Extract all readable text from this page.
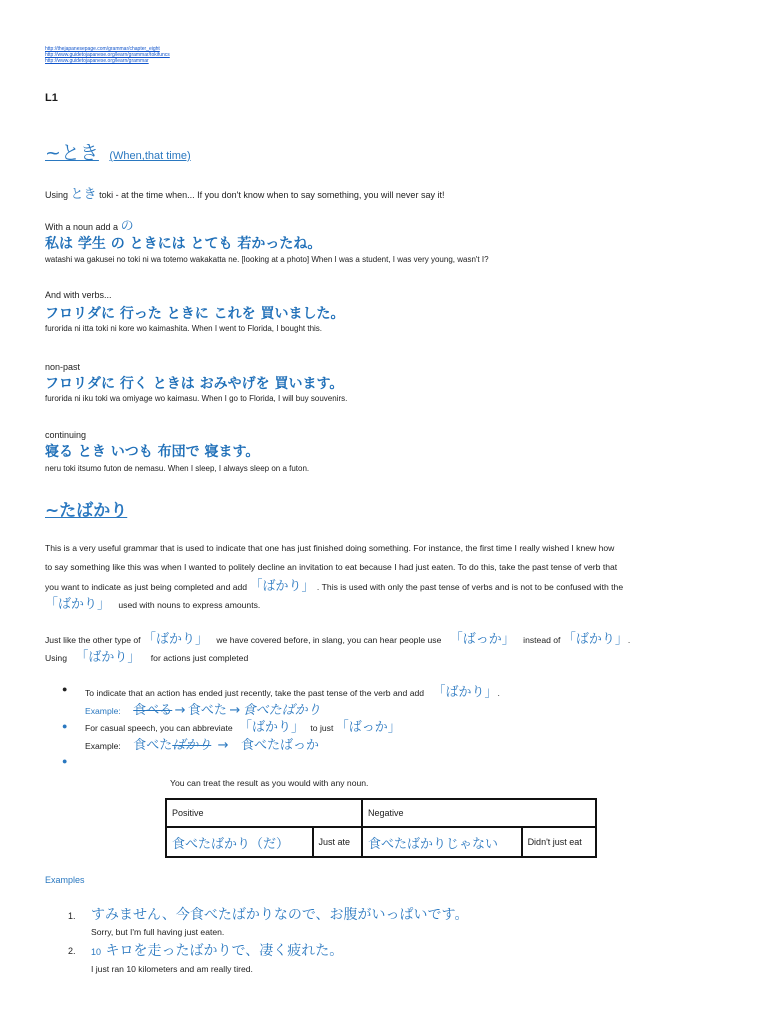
http://thejapanesepage.com/grammar/chapter_eight
http://www.guidetojapanese.org/learn/grammar/tokifuncs
http://www.guidetojapanese.org/learn/grammar
L1
~とき (When,that time)
Using とき toki - at the time when... If you don't know when to say something, you will never say it!
With a noun add a の
私は 学生 の ときには とても 若かったね。
watashi wa gakusei no toki ni wa totemo wakakatta ne. [looking at a photo] When I was a student, I was very young, wasn't I?
And with verbs...
フロリダに 行った ときに これを 買いました。
furorida ni itta toki ni kore wo kaimashita. When I went to Florida, I bought this.
non-past
フロリダに 行く ときは おみやげを 買います。
furorida ni iku toki wa omiyage wo kaimasu. When I go to Florida, I will buy souvenirs.
continuing
寝る とき いつも 布団で 寝ます。
neru toki itsumo futon de nemasu. When I sleep, I always sleep on a futon.
~たばかり
This is a very useful grammar that is used to indicate that one has just finished doing something. For instance, the first time I really wished I knew how
to say something like this was when I wanted to politely decline an invitation to eat because I had just eaten. To do this, take the past tense of verb that
you want to indicate as just being completed and add 「ばかり」 . This is used with only the past tense of verbs and is not to be confused with the
「ばかり」 used with nouns to express amounts.
Just like the other type of 「ばかり」 we have covered before, in slang, you can hear people use 「ばっか」 instead of 「ばかり」.
Using 「ばかり」 for actions just completed
● To indicate that an action has ended just recently, take the past tense of the verb and add 「ばかり」.
Example: 食べる → 食べた → 食べたばかり
● For casual speech, you can abbreviate 「ばかり」 to just 「ばっか」
Example: 食べたばかり → 食べたばっか
●
You can treat the result as you would with any noun.
Positive		Negative	
食べたばかり（だ）	Just ate	食べたばかりじゃない	Didn't just eat
Examples
1. すみません、今食べたばかりなので、お腹がいっぱいです。
Sorry, but I'm full having just eaten.
2. 10 キロを走ったばかりで、凄く疲れた。
I just ran 10 kilometers and am really tired.
